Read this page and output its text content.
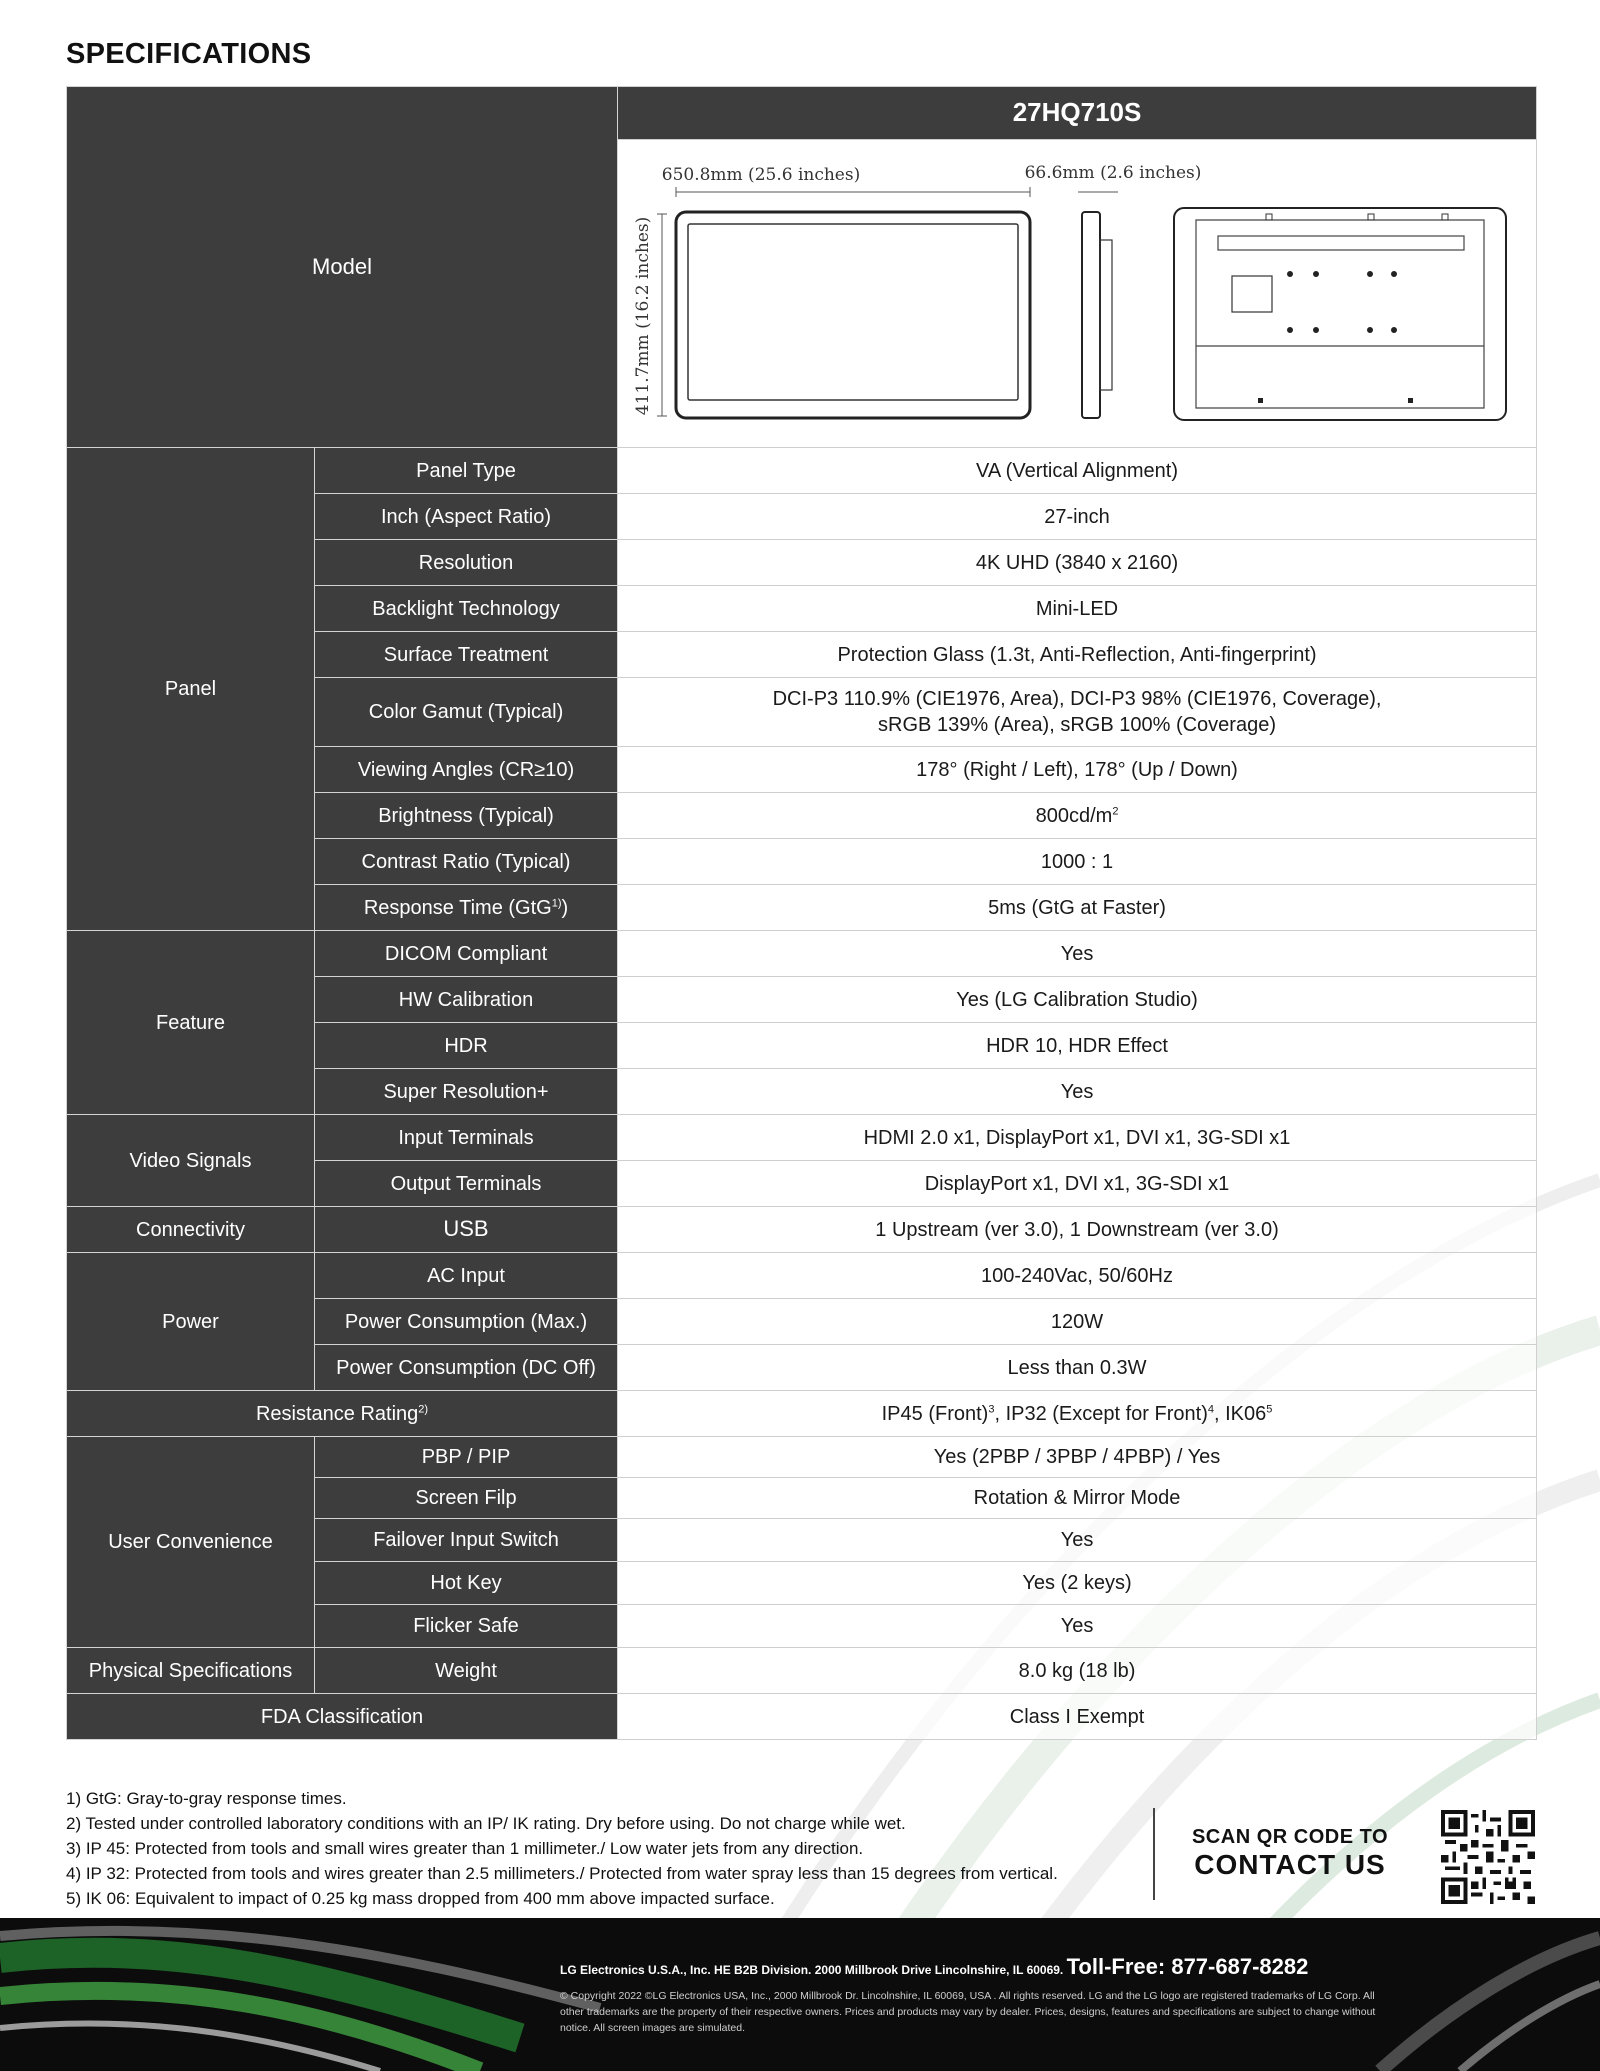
SPECIFICATIONS
Model		27HQ710S

650.8mm (25.6 inches) 66.6mm (2.6 inches)
411.7mm (16.2 inches)

Panel	Panel Type	VA (Vertical Alignment)
	Inch (Aspect Ratio)	27-inch
	Resolution	4K UHD (3840 x 2160)
	Backlight Technology	Mini-LED
	Surface Treatment	Protection Glass (1.3t, Anti-Reflection, Anti-fingerprint)
	Color Gamut (Typical)	DCI-P3 110.9% (CIE1976, Area), DCI-P3 98% (CIE1976, Coverage),
sRGB 139% (Area), sRGB 100% (Coverage)
	Viewing Angles (CR≥10)	178° (Right / Left), 178° (Up / Down)
	Brightness (Typical)	$800cd/m^2$
	Contrast Ratio (Typical)	1000 : 1
	Response Time (GtG$^{1)}$)	5ms (GtG at Faster)
Feature	DICOM Compliant	Yes
	HW Calibration	Yes (LG Calibration Studio)
	HDR	HDR 10, HDR Effect
	Super Resolution+	Yes
Video Signals	Input Terminals	HDMI 2.0 x1, DisplayPort x1, DVI x1, 3G-SDI x1
	Output Terminals	DisplayPort x1, DVI x1, 3G-SDI x1
Connectivity	USB	1 Upstream (ver 3.0), 1 Downstream (ver 3.0)
Power	AC Input	100-240Vac, 50/60Hz
	Power Consumption (Max.)	120W
	Power Consumption (DC Off)	Less than 0.3W
Resistance Rating$^{2)}$		IP45 (Front)$^3$, IP32 (Except for Front)$^4$, $IK06^5$
User Convenience	PBP / PIP	Yes (2PBP / 3PBP / 4PBP) / Yes
	Screen Filp	Rotation & Mirror Mode
	Failover Input Switch	Yes
	Hot Key	Yes (2 keys)
	Flicker Safe	Yes
Physical Specifications	Weight	8.0 kg (18 lb)
FDA Classification		Class I Exempt
1) GtG: Gray-to-gray response times.
2) Tested under controlled laboratory conditions with an IP/ IK rating. Dry before using. Do not charge while wet.
3) IP 45: Protected from tools and small wires greater than 1 millimeter./ Low water jets from any direction.
4) IP 32: Protected from tools and wires greater than 2.5 millimeters./ Protected from water spray less than 15 degrees from vertical.
5) IK 06: Equivalent to impact of 0.25 kg mass dropped from 400 mm above impacted surface.
SCAN QR CODE TO
CONTACT US
LG Electronics U.S.A., Inc. HE B2B Division. 2000 Millbrook Drive Lincolnshire, IL 60069. Toll-Free: 877-687-8282
© Copyright 2022 ©LG Electronics USA, Inc., 2000 Millbrook Dr. Lincolnshire, IL 60069, USA . All rights reserved. LG and the LG logo are registered trademarks of LG Corp. All other trademarks are the property of their respective owners. Prices and products may vary by dealer. Prices, designs, features and specifications are subject to change without notice. All screen images are simulated.
